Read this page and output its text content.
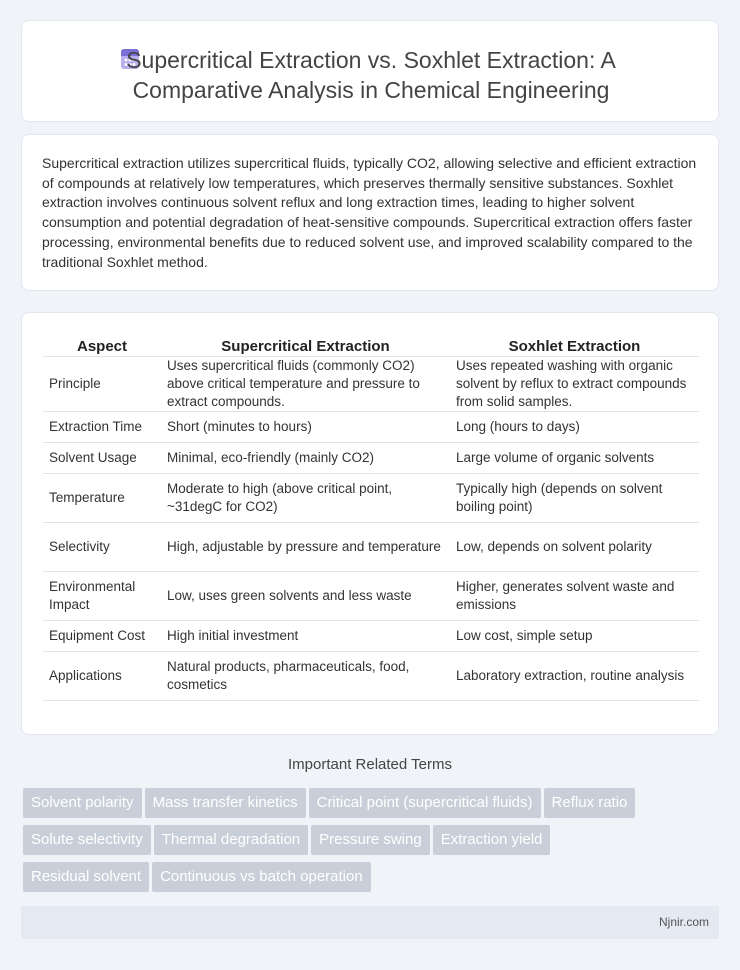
Supercritical Extraction vs. Soxhlet Extraction: A Comparative Analysis in Chemical Engineering

Supercritical extraction utilizes supercritical fluids, typically CO2, allowing selective and efficient extraction of compounds at relatively low temperatures, which preserves thermally sensitive substances. Soxhlet extraction involves continuous solvent reflux and long extraction times, leading to higher solvent consumption and potential degradation of heat-sensitive compounds. Supercritical extraction offers faster processing, environmental benefits due to reduced solvent use, and improved scalability compared to the traditional Soxhlet method.

Aspect	Supercritical Extraction	Soxhlet Extraction
Principle	Uses supercritical fluids (commonly CO2) above critical temperature and pressure to extract compounds.	Uses repeated washing with organic solvent by reflux to extract compounds from solid samples.
Extraction Time	Short (minutes to hours)	Long (hours to days)
Solvent Usage	Minimal, eco-friendly (mainly CO2)	Large volume of organic solvents
Temperature	Moderate to high (above critical point, ~31degC for CO2)	Typically high (depends on solvent boiling point)
Selectivity	High, adjustable by pressure and temperature	Low, depends on solvent polarity
Environmental Impact	Low, uses green solvents and less waste	Higher, generates solvent waste and emissions
Equipment Cost	High initial investment	Low cost, simple setup
Applications	Natural products, pharmaceuticals, food, cosmetics	Laboratory extraction, routine analysis
Important Related Terms
Solvent polarity Mass transfer kinetics Critical point (supercritical fluids) Reflux ratio
Solute selectivity Thermal degradation Pressure swing Extraction yield
Residual solvent Continuous vs batch operation
Njnir.com
